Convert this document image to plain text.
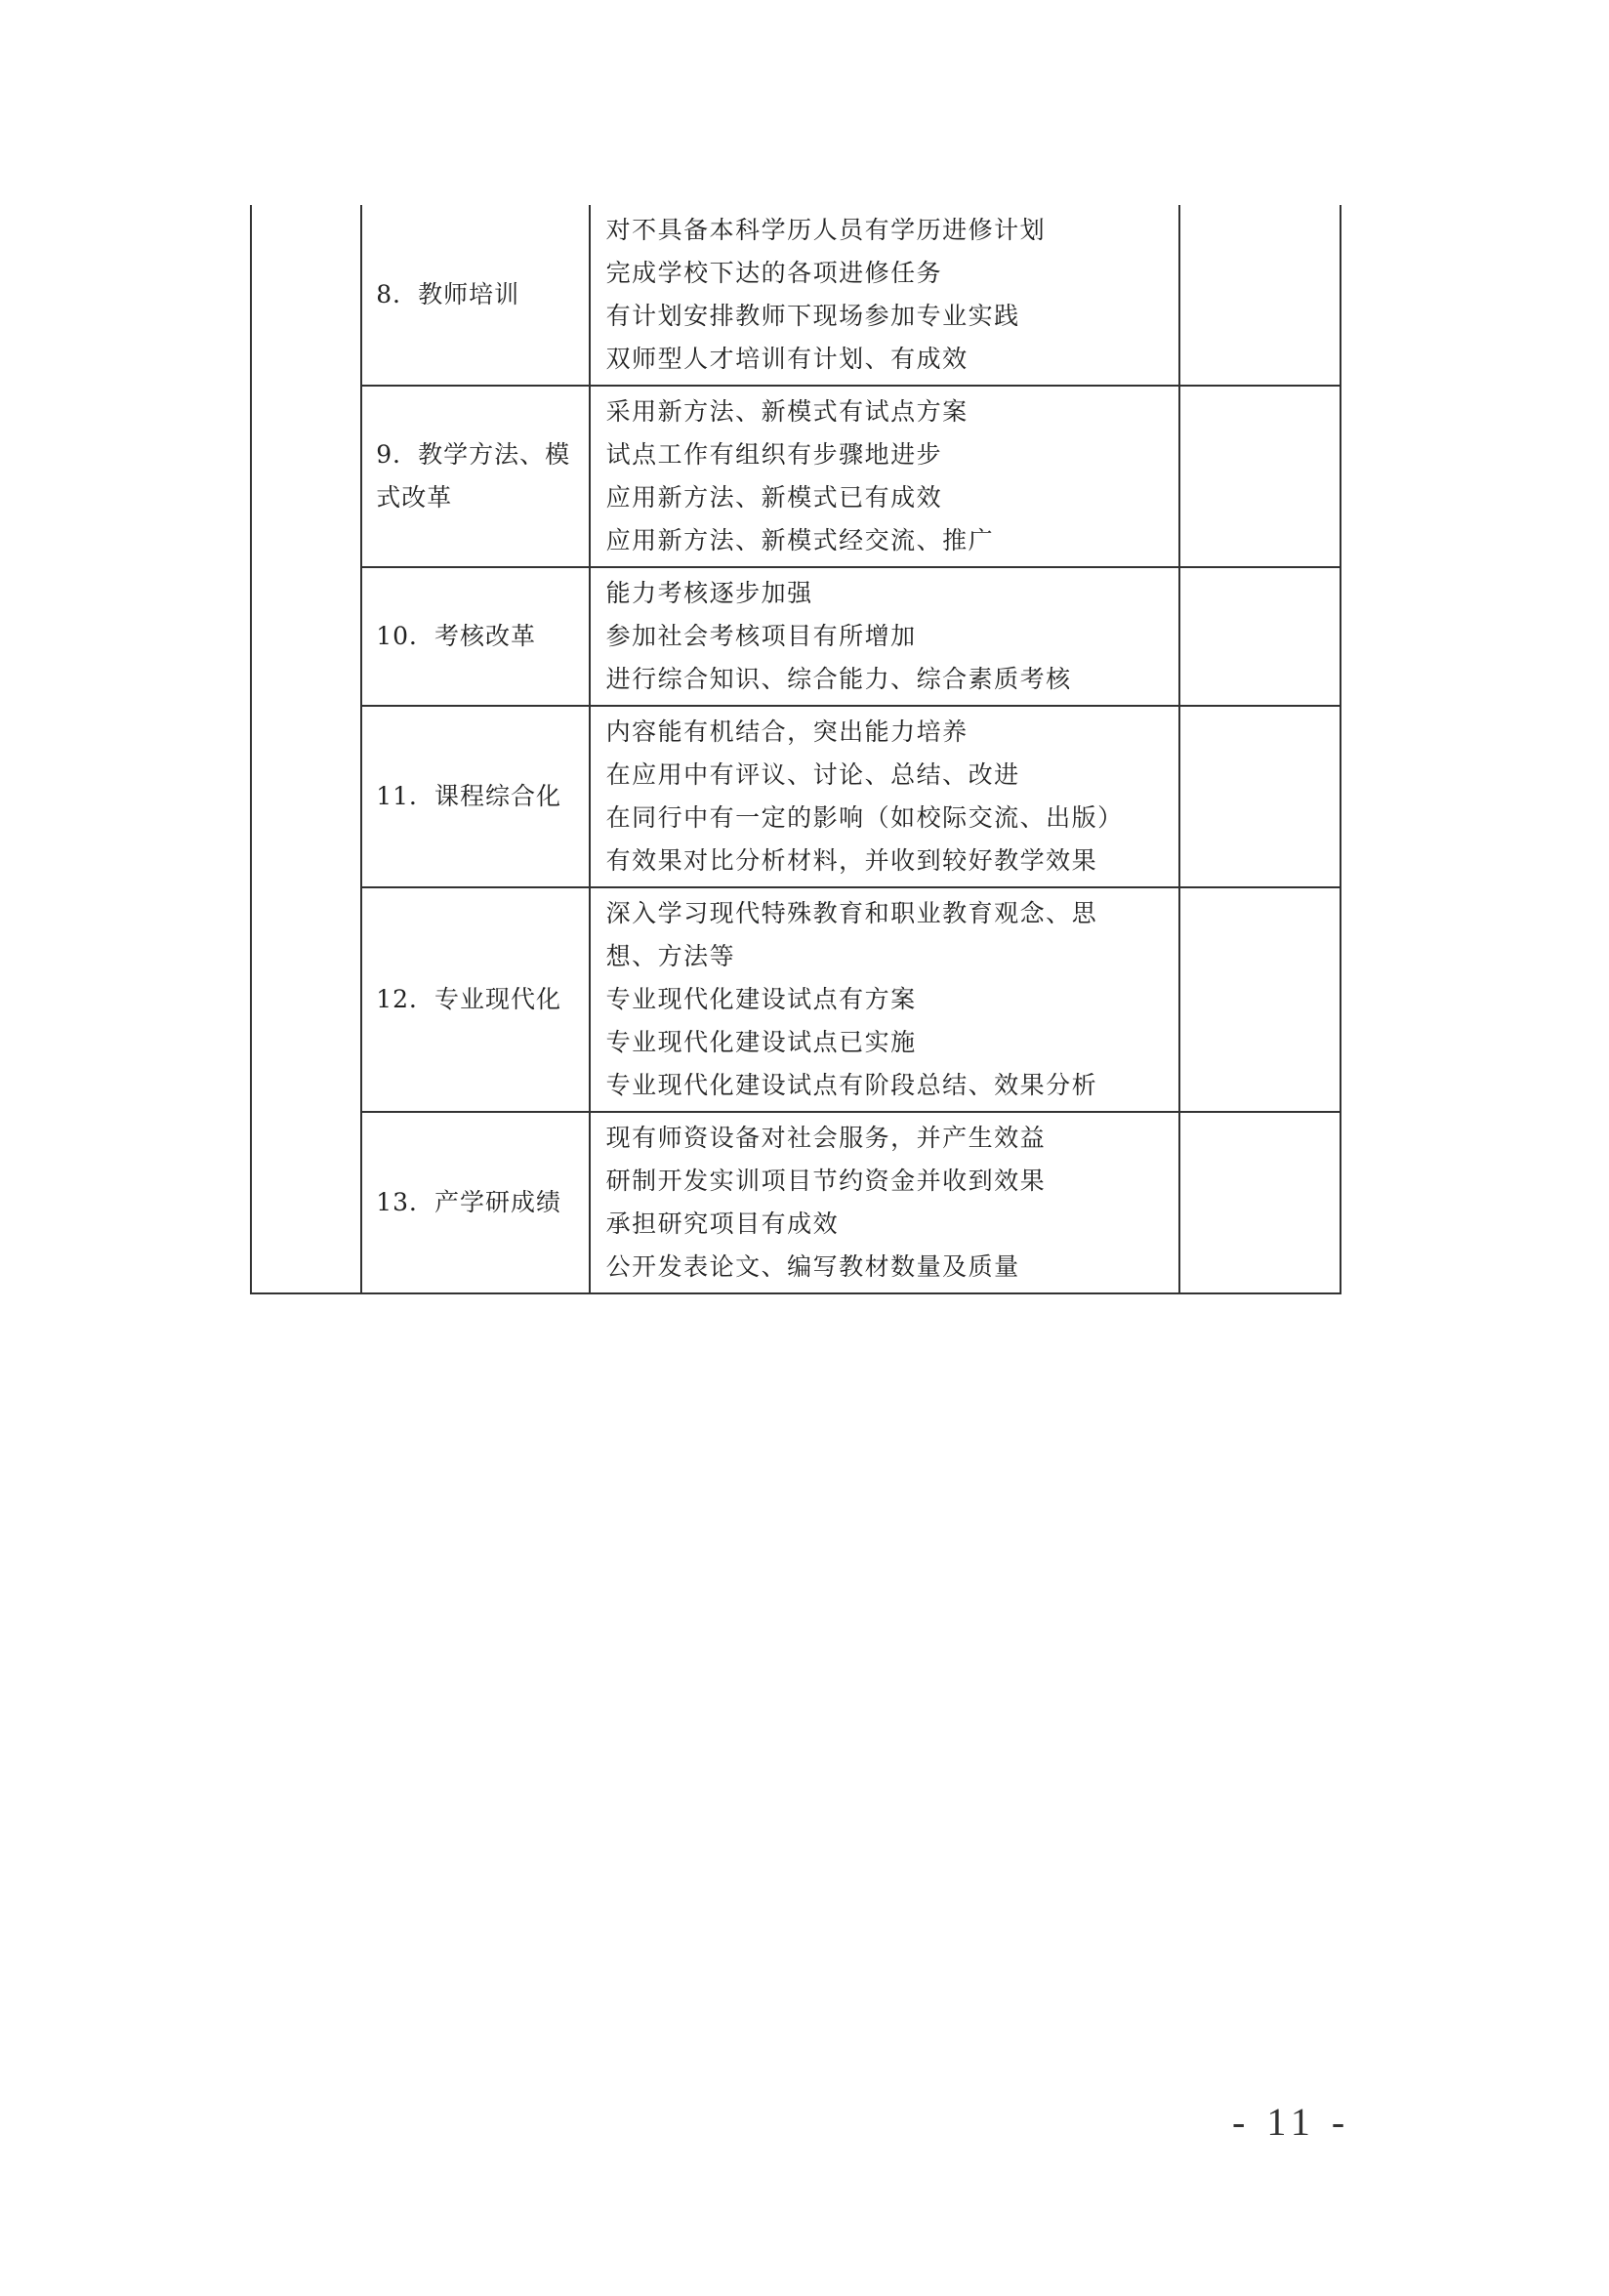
	8．教师培训	对不具备本科学历人员有学历进修计划
完成学校下达的各项进修任务
有计划安排教师下现场参加专业实践
双师型人才培训有计划、有成效	

	9．教学方法、模式改革	采用新方法、新模式有试点方案
试点工作有组织有步骤地进步
应用新方法、新模式已有成效
应用新方法、新模式经交流、推广	

	10．考核改革	能力考核逐步加强
参加社会考核项目有所增加
进行综合知识、综合能力、综合素质考核	

	11．课程综合化	内容能有机结合，突出能力培养
在应用中有评议、讨论、总结、改进
在同行中有一定的影响（如校际交流、出版）
有效果对比分析材料，并收到较好教学效果	

	12．专业现代化	深入学习现代特殊教育和职业教育观念、思
想、方法等
专业现代化建设试点有方案
专业现代化建设试点已实施
专业现代化建设试点有阶段总结、效果分析	

	13．产学研成绩	现有师资设备对社会服务，并产生效益
研制开发实训项目节约资金并收到效果
承担研究项目有成效
公开发表论文、编写教材数量及质量	

- 11 -
